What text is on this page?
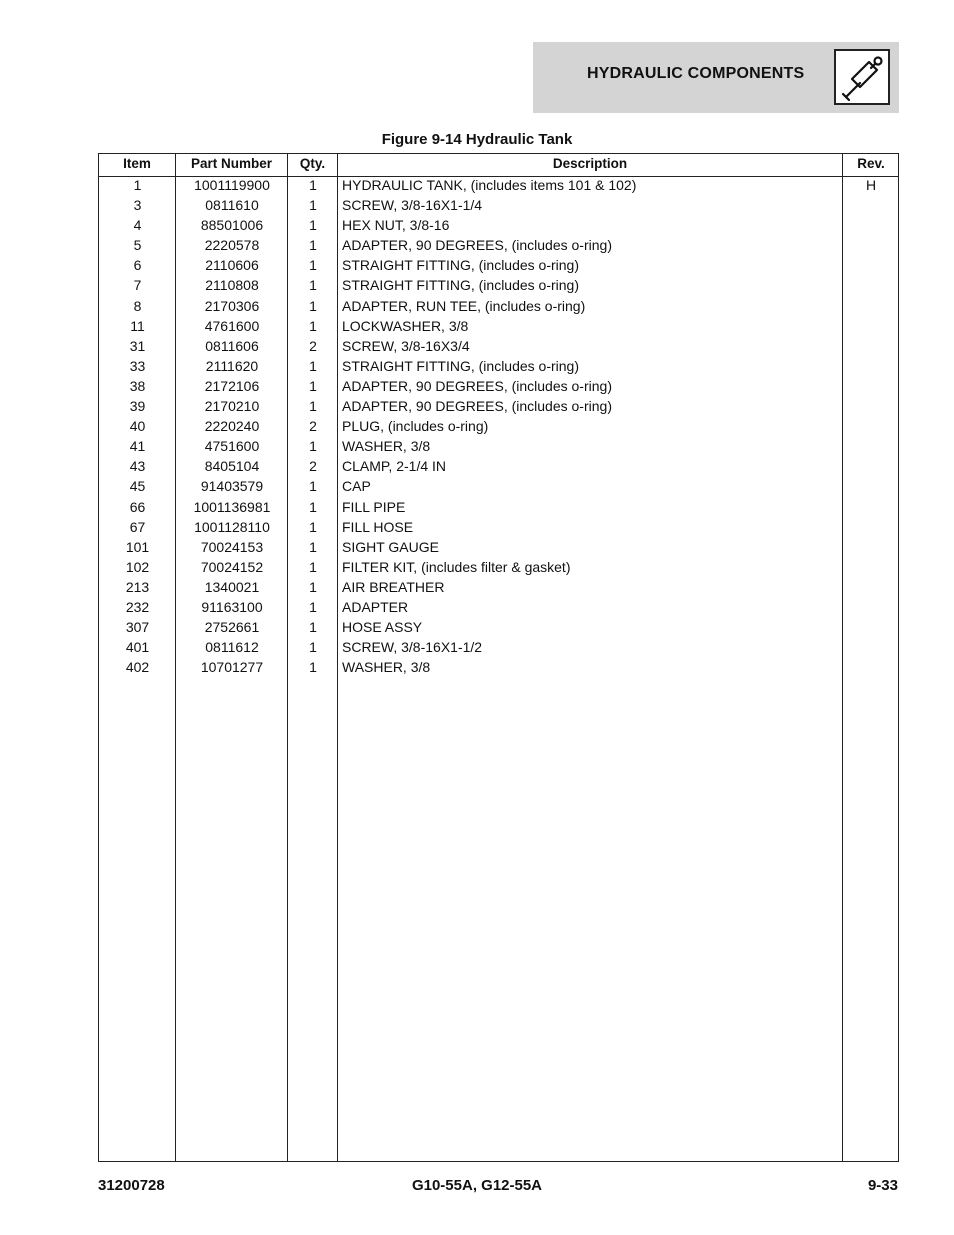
HYDRAULIC COMPONENTS
Figure 9-14 Hydraulic Tank
Item	Part Number	Qty.	Description	Rev.
1	1001119900	1	HYDRAULIC TANK, (includes items 101 & 102)	H
3	0811610	1	SCREW, 3/8-16X1-1/4
4	88501006	1	HEX NUT, 3/8-16
5	2220578	1	ADAPTER, 90 DEGREES, (includes o-ring)
6	2110606	1	STRAIGHT FITTING, (includes o-ring)
7	2110808	1	STRAIGHT FITTING, (includes o-ring)
8	2170306	1	ADAPTER, RUN TEE, (includes o-ring)
11	4761600	1	LOCKWASHER, 3/8
31	0811606	2	SCREW, 3/8-16X3/4
33	2111620	1	STRAIGHT FITTING, (includes o-ring)
38	2172106	1	ADAPTER, 90 DEGREES, (includes o-ring)
39	2170210	1	ADAPTER, 90 DEGREES, (includes o-ring)
40	2220240	2	PLUG, (includes o-ring)
41	4751600	1	WASHER, 3/8
43	8405104	2	CLAMP, 2-1/4 IN
45	91403579	1	CAP
66	1001136981	1	FILL PIPE
67	1001128110	1	FILL HOSE
101	70024153	1	SIGHT GAUGE
102	70024152	1	FILTER KIT, (includes filter & gasket)
213	1340021	1	AIR BREATHER
232	91163100	1	ADAPTER
307	2752661	1	HOSE ASSY
401	0811612	1	SCREW, 3/8-16X1-1/2
402	10701277	1	WASHER, 3/8
31200728	G10-55A, G12-55A	9-33
